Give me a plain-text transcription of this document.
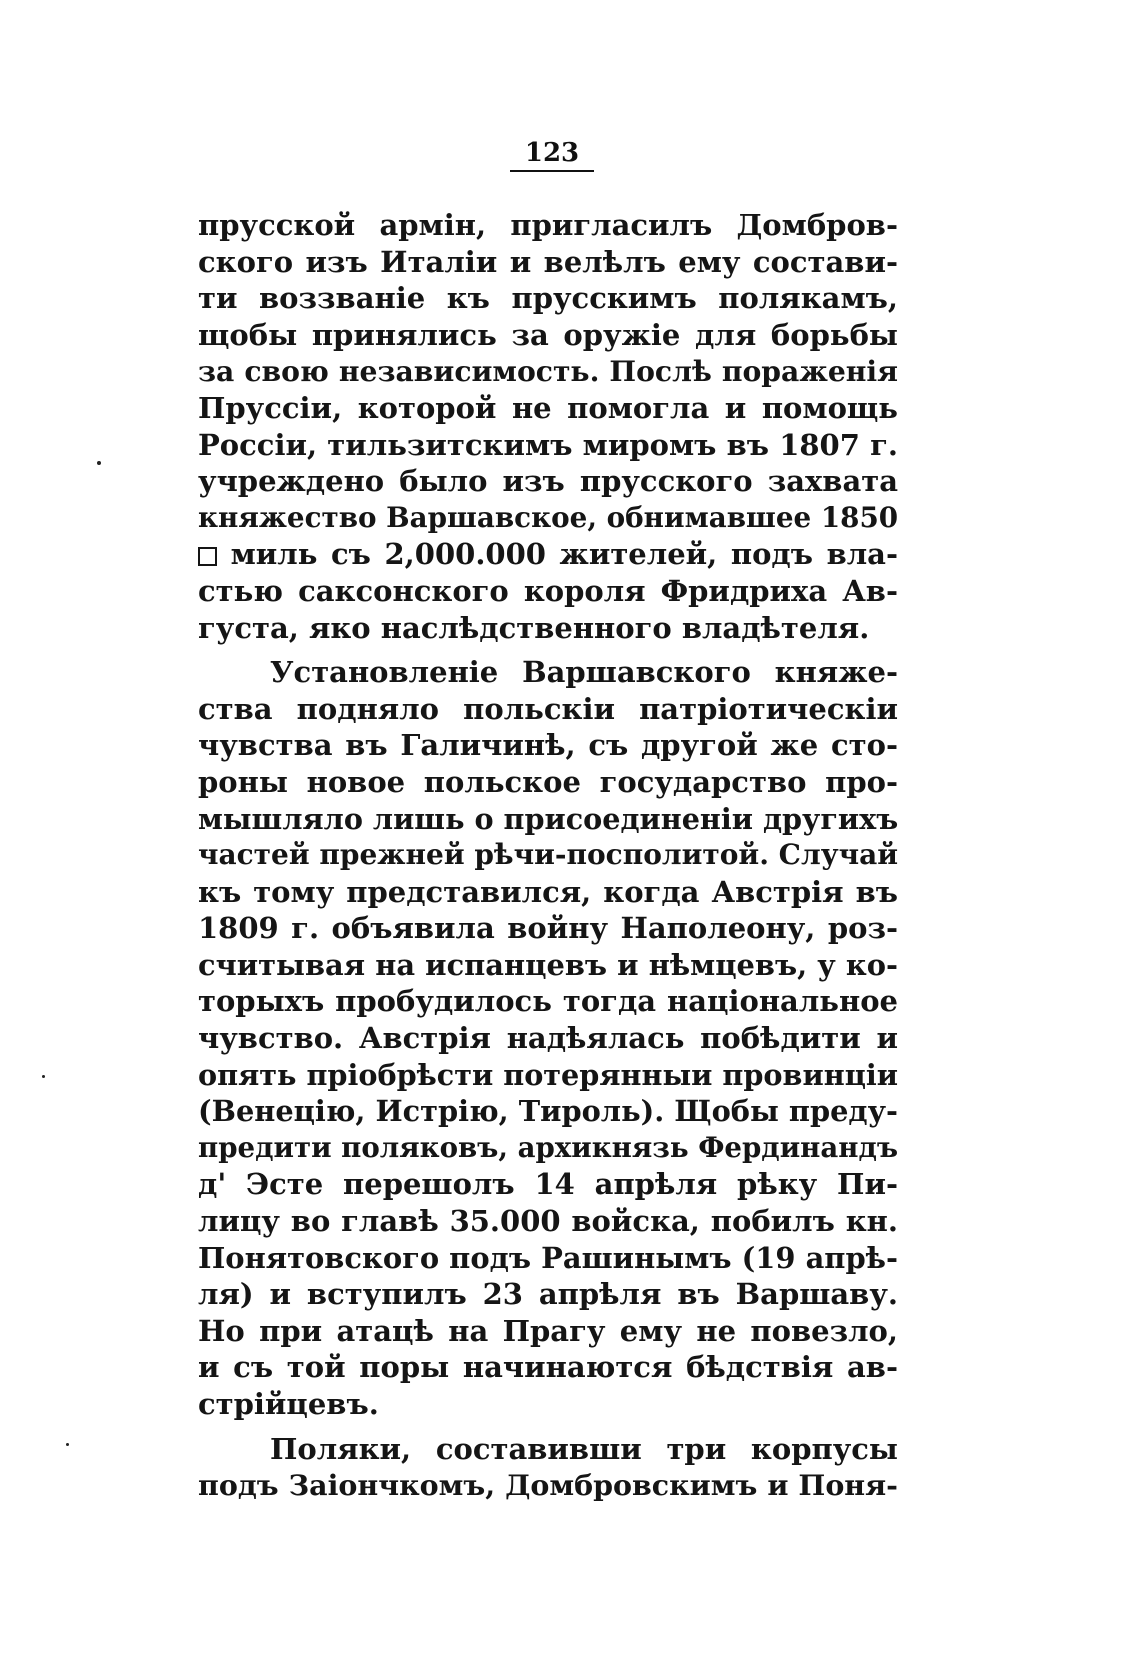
123
прусской армін, пригласилъ Домбров-
ского изъ Италіи и велѣлъ ему состави-
ти воззваніе къ прусскимъ полякамъ,
щобы принялись за оружіе для борьбы
за свою независимость. Послѣ пораженія
Пруссіи, которой не помогла и помощь
Россіи, тильзитскимъ миромъ въ 1807 г.
учреждено было изъ прусского захвата
княжество Варшавское, обнимавшее 1850
миль съ 2,000.000 жителей, подъ вла-
стью саксонского короля Фридриха Ав-
густа, яко наслѣдственного владѣтеля.
Установленіе Варшавского княже-
ства подняло польскіи патріотическіи
чувства въ Галичинѣ, съ другой же сто-
роны новое польское государство про-
мышляло лишь о присоединеніи другихъ
частей прежней рѣчи-посполитой. Случай
къ тому представился, когда Австрія въ
1809 г. объявила войну Наполеону, роз-
считывая на испанцевъ и нѣмцевъ, у ко-
торыхъ пробудилось тогда національное
чувство. Австрія надѣялась побѣдити и
опять пріобрѣсти потерянныи провинціи
(Венецію, Истрію, Тироль). Щобы преду-
предити поляковъ, архикнязь Фердинандъ
д' Эсте перешолъ 14 апрѣля рѣку Пи-
лицу во главѣ 35.000 войска, побилъ кн.
Понятовского подъ Рашинымъ (19 апрѣ-
ля) и вступилъ 23 апрѣля въ Варшаву.
Но при атацѣ на Прагу ему не повезло,
и съ той поры начинаются бѣдствія ав-
стрійцевъ.
Поляки, составивши три корпусы
подъ Заіончкомъ, Домбровскимъ и Поня-
